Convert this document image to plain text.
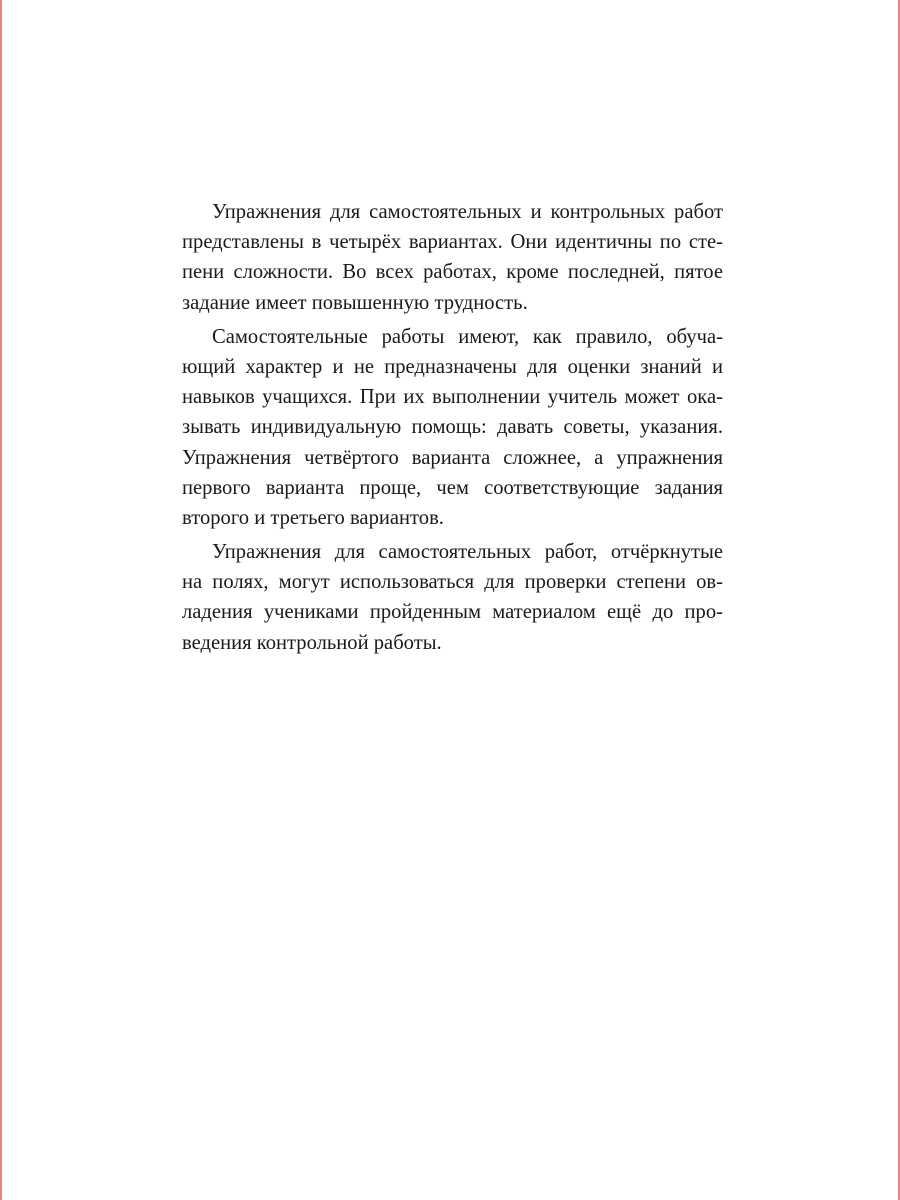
Упражнения для самостоятельных и контрольных работ
представлены в четырёх вариантах. Они идентичны по сте-
пени сложности. Во всех работах, кроме последней, пятое
задание имеет повышенную трудность.
Самостоятельные работы имеют, как правило, обуча-
ющий характер и не предназначены для оценки знаний и
навыков учащихся. При их выполнении учитель может ока-
зывать индивидуальную помощь: давать советы, указания.
Упражнения четвёртого варианта сложнее, а упражнения
первого варианта проще, чем соответствующие задания
второго и третьего вариантов.
Упражнения для самостоятельных работ, отчёркнутые
на полях, могут использоваться для проверки степени ов-
ладения учениками пройденным материалом ещё до про-
ведения контрольной работы.
